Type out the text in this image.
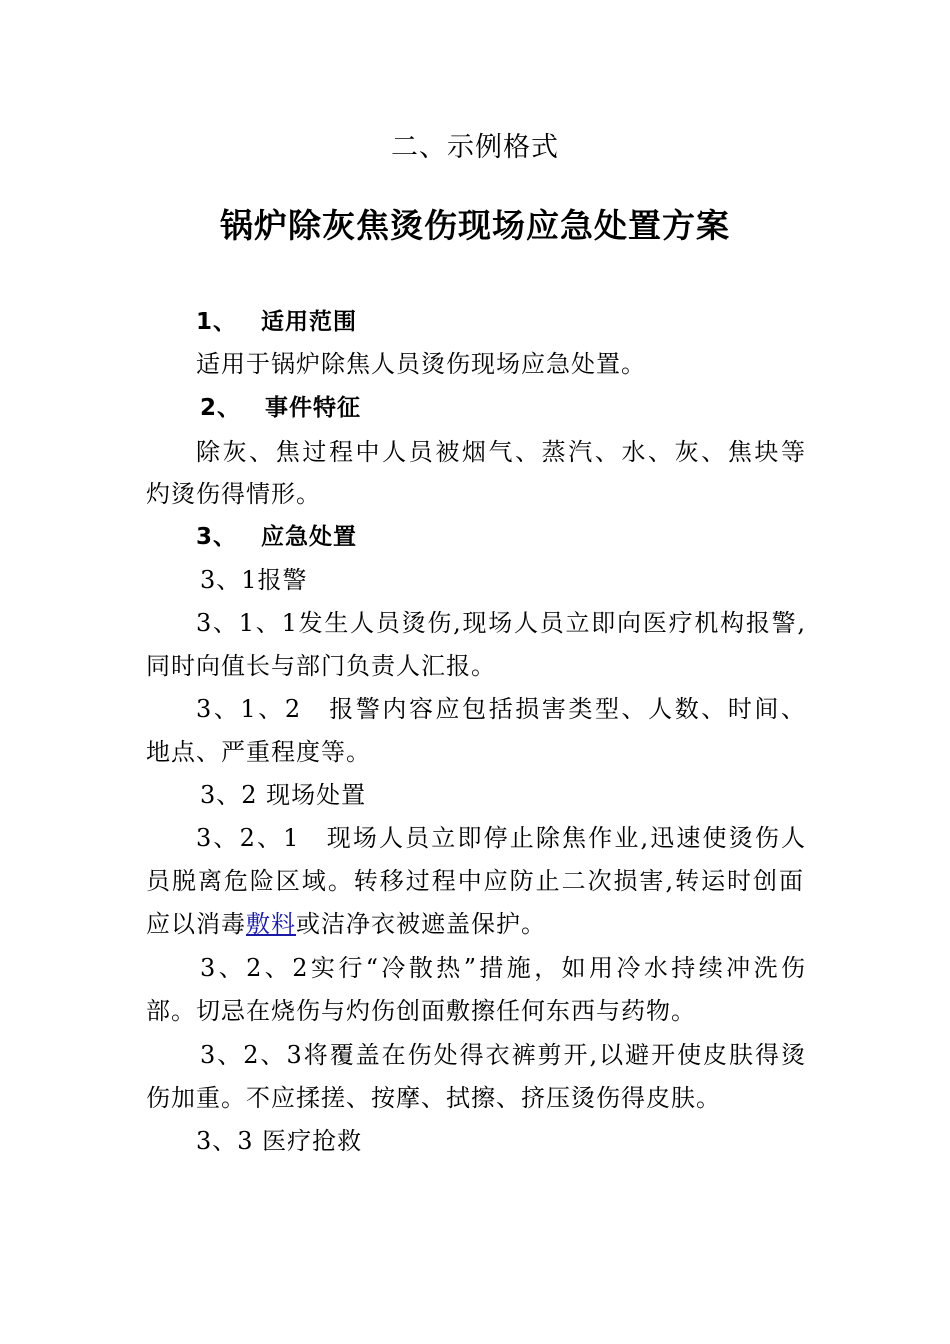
二、示例格式
锅炉除灰焦烫伤现场应急处置方案
1、 适用范围
适用于锅炉除焦人员烫伤现场应急处置。
2、 事件特征
除灰、焦过程中人员被烟气、蒸汽、水、灰、焦块等
灼烫伤得情形。
3、 应急处置
3、1报警
3、1、1发生人员烫伤,现场人员立即向医疗机构报警,
同时向值长与部门负责人汇报。
3、1、2　报警内容应包括损害类型、人数、时间、
地点、严重程度等。
3、2 现场处置
3、2、1　现场人员立即停止除焦作业,迅速使烫伤人
员脱离危险区域。转移过程中应防止二次损害,转运时创面
应以消毒敷料或洁净衣被遮盖保护。
3、2、2实行“冷散热”措施，如用冷水持续冲洗伤
部。切忌在烧伤与灼伤创面敷擦任何东西与药物。
3、2、3将覆盖在伤处得衣裤剪开,以避开使皮肤得烫
伤加重。不应揉搓、按摩、拭擦、挤压烫伤得皮肤。
3、3 医疗抢救
